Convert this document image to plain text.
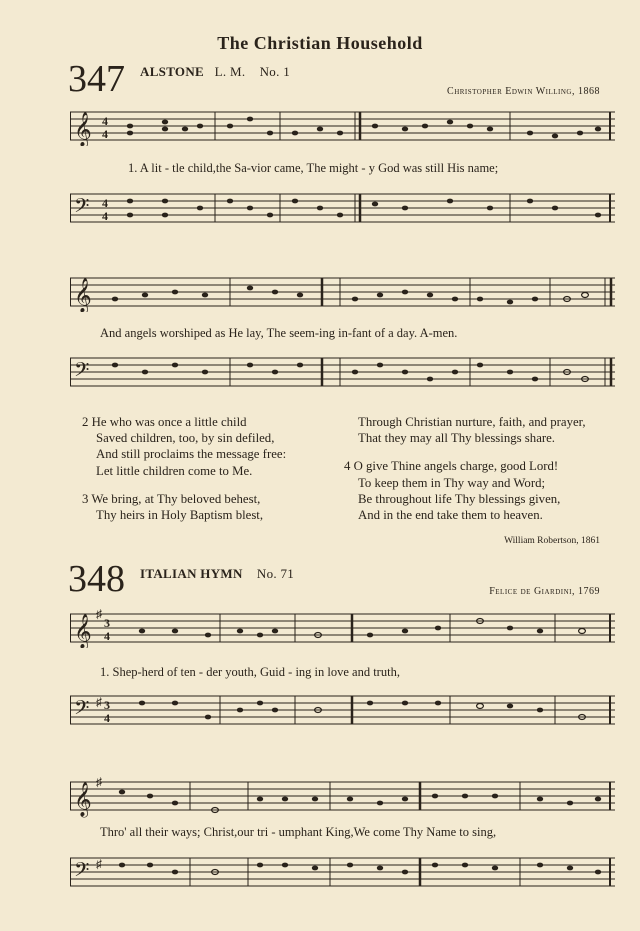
The Christian Household
347 ALSTONE L. M. No. 1
Christopher Edwin Willing, 1868
𝄞 4
4
1. A lit - tle child,the Sa-vior came, The might - y God was still His name;
𝄢 4
4
𝄞
And angels worshiped as He lay, The seem-ing in-fant of a day. A-men.
𝄢
2 He who was once a little child
Saved children, too, by sin defiled,
And still proclaims the message free:
Let little children come to Me.
3 We bring, at Thy beloved behest,
Thy heirs in Holy Baptism blest,
Through Christian nurture, faith, and prayer,
That they may all Thy blessings share.
4 O give Thine angels charge, good Lord!
To keep them in Thy way and Word;
Be throughout life Thy blessings given,
And in the end take them to heaven.
William Robertson, 1861
348 ITALIAN HYMN No. 71
Felice de Giardini, 1769
𝄞
♯
3
4
1. Shep-herd of ten - der youth, Guid - ing in love and truth,
𝄢 ♯ 3
4
𝄞
♯
Thro' all their ways; Christ,our tri - umphant King,We come Thy Name to sing,
𝄢 ♯
